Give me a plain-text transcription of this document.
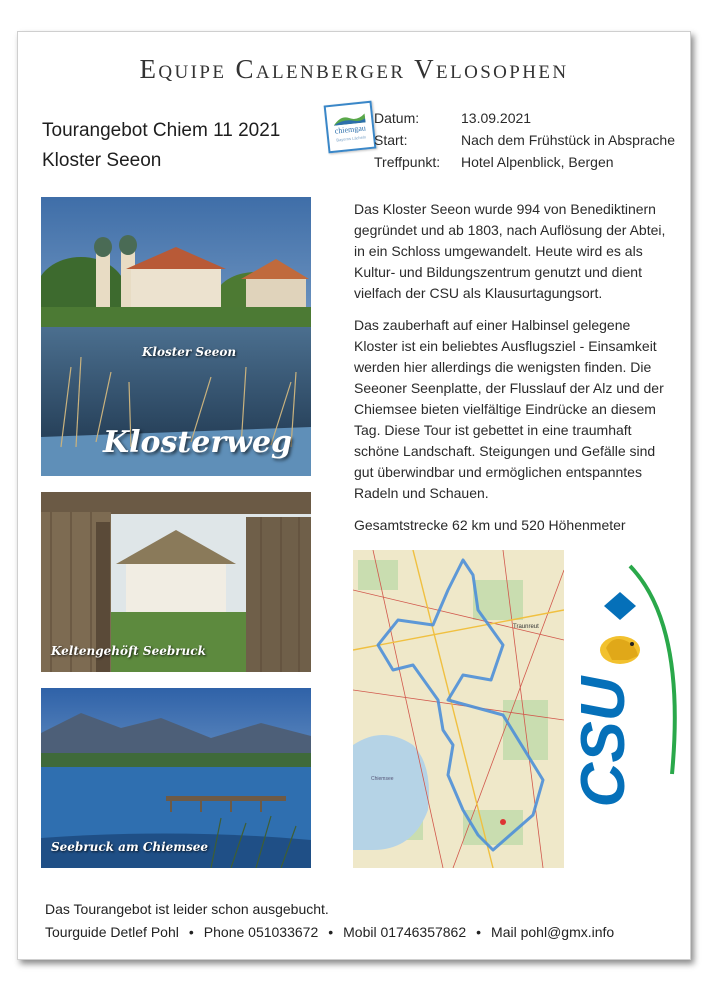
Equipe Calenberger Velosophen
Tourangebot Chiem 11 2021
Kloster Seeon
chiemgau
Bayerns Lächeln
Datum:	13.09.2021
Start:	Nach dem Frühstück in Absprache
Treffpunkt:	Hotel Alpenblick, Bergen
Kloster Seeon
Klosterweg
Keltengehöft Seebruck
Seebruck am Chiemsee

Das Kloster Seeon wurde 994 von Benediktinern gegründet und ab 1803, nach Auflösung der Abtei, in ein Schloss umgewandelt. Heute wird es als Kultur- und Bildungszentrum genutzt und dient vielfach der CSU als Klausurtagungsort.

Das zauberhaft auf einer Halbinsel gelegene Kloster ist ein beliebtes Ausflugsziel - Einsamkeit werden hier allerdings die wenigsten finden. Die Seeoner Seenplatte, der Flusslauf der Alz und der Chiemsee bieten vielfältige Eindrücke an diesem Tag. Diese Tour ist gebettet in eine traumhaft schöne Landschaft. Steigungen und Gefälle sind gut überwindbar und ermöglichen entspanntes Radeln und Schauen.

Gesamtstrecke 62 km und 520 Höhenmeter

Traunreut
Chiemsee	CSU
Das Tourangebot ist leider schon ausgebucht.
Tourguide Detlef Pohl • Phone 051033672 • Mobil 01746357862 • Mail pohl@gmx.info
